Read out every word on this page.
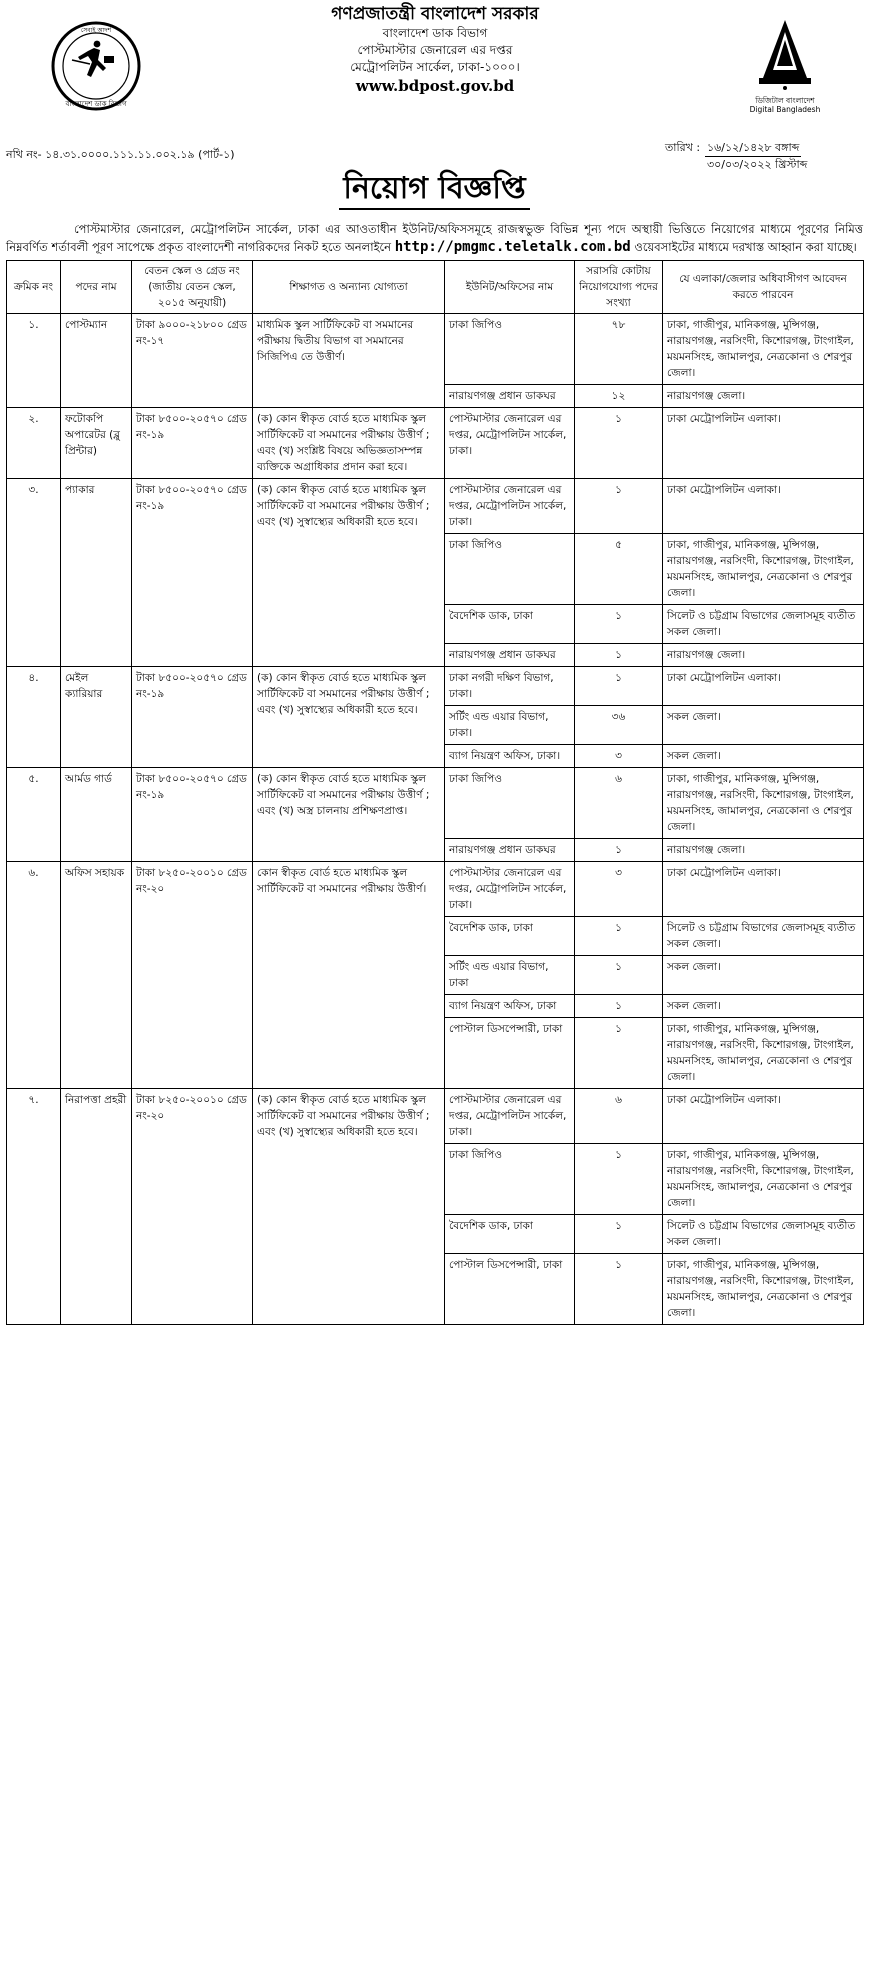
বাংলাদেশ ডাক বিভাগ
সেবাই আদর্শ
গণপ্রজাতন্ত্রী বাংলাদেশ সরকার
বাংলাদেশ ডাক বিভাগ
পোস্টমাস্টার জেনারেল এর দপ্তর
মেট্রোপলিটন সার্কেল, ঢাকা-১০০০।
www.bdpost.gov.bd
ডিজিটাল বাংলাদেশ
Digital Bangladesh
নথি নং- ১৪.৩১.০০০০.১১১.১১.০০২.১৯ (পার্ট-১)
তারিখ : ১৬/১২/১৪২৮ বঙ্গাব্দ
৩০/০৩/২০২২ খ্রিস্টাব্দ
নিয়োগ বিজ্ঞপ্তি
পোস্টমাস্টার জেনারেল, মেট্রোপলিটন সার্কেল, ঢাকা এর আওতাধীন ইউনিট/অফিসসমূহে রাজস্বভুক্ত বিভিন্ন শূন্য পদে অস্থায়ী ভিত্তিতে নিয়োগের মাধ্যমে পূরণের নিমিত্ত নিম্নবর্ণিত শর্তাবলী পূরণ সাপেক্ষে প্রকৃত বাংলাদেশী নাগরিকদের নিকট হতে অনলাইনে http://pmgmc.teletalk.com.bd ওয়েবসাইটের মাধ্যমে দরখাস্ত আহ্বান করা যাচ্ছে।
ক্রমিক নং	পদের নাম	বেতন স্কেল ও গ্রেড নং (জাতীয় বেতন স্কেল, ২০১৫ অনুযায়ী)	শিক্ষাগত ও অন্যান্য যোগ্যতা	ইউনিট/অফিসের নাম	সরাসরি কোটায় নিয়োগযোগ্য পদের সংখ্যা	যে এলাকা/জেলার অধিবাসীগণ আবেদন করতে পারবেন
১.	পোস্টম্যান	টাকা ৯০০০-২১৮০০ গ্রেড নং-১৭	মাধ্যমিক স্কুল সার্টিফিকেট বা সমমানের পরীক্ষায় দ্বিতীয় বিভাগ বা সমমানের সিজিপিএ তে উত্তীর্ণ।	ঢাকা জিপিও	৭৮	ঢাকা, গাজীপুর, মানিকগঞ্জ, মুন্সিগঞ্জ, নারায়ণগঞ্জ, নরসিংদী, কিশোরগঞ্জ, টাংগাইল, ময়মনসিংহ, জামালপুর, নেত্রকোনা ও শেরপুর জেলা।
				নারায়ণগঞ্জ প্রধান ডাকঘর	১২	নারায়ণগঞ্জ জেলা।
২.	ফটোকপি অপারেটর (ব্লু প্রিন্টার)	টাকা ৮৫০০-২০৫৭০ গ্রেড নং-১৯	(ক) কোন স্বীকৃত বোর্ড হতে মাধ্যমিক স্কুল সার্টিফিকেট বা সমমানের পরীক্ষায় উত্তীর্ণ ; এবং (খ) সংশ্লিষ্ট বিষয়ে অভিজ্ঞতাসম্পন্ন ব্যক্তিকে অগ্রাধিকার প্রদান করা হবে।	পোস্টমাস্টার জেনারেল এর দপ্তর, মেট্রোপলিটন সার্কেল, ঢাকা।	১	ঢাকা মেট্রোপলিটন এলাকা।
৩.	প্যাকার	টাকা ৮৫০০-২০৫৭০ গ্রেড নং-১৯	(ক) কোন স্বীকৃত বোর্ড হতে মাধ্যমিক স্কুল সার্টিফিকেট বা সমমানের পরীক্ষায় উত্তীর্ণ ; এবং (খ) সুস্বাস্থ্যের অধিকারী হতে হবে।	পোস্টমাস্টার জেনারেল এর দপ্তর, মেট্রোপলিটন সার্কেল, ঢাকা।	১	ঢাকা মেট্রোপলিটন এলাকা।
				ঢাকা জিপিও	৫	ঢাকা, গাজীপুর, মানিকগঞ্জ, মুন্সিগঞ্জ, নারায়ণগঞ্জ, নরসিংদী, কিশোরগঞ্জ, টাংগাইল, ময়মনসিংহ, জামালপুর, নেত্রকোনা ও শেরপুর জেলা।
				বৈদেশিক ডাক, ঢাকা	১	সিলেট ও চট্টগ্রাম বিভাগের জেলাসমূহ ব্যতীত সকল জেলা।
				নারায়ণগঞ্জ প্রধান ডাকঘর	১	নারায়ণগঞ্জ জেলা।
৪.	মেইল ক্যারিয়ার	টাকা ৮৫০০-২০৫৭০ গ্রেড নং-১৯	(ক) কোন স্বীকৃত বোর্ড হতে মাধ্যমিক স্কুল সার্টিফিকেট বা সমমানের পরীক্ষায় উত্তীর্ণ ; এবং (খ) সুস্বাস্থ্যের অধিকারী হতে হবে।	ঢাকা নগরী দক্ষিণ বিভাগ, ঢাকা।	১	ঢাকা মেট্রোপলিটন এলাকা।
				সর্টিং এন্ড এয়ার বিভাগ, ঢাকা।	৩৬	সকল জেলা।
				ব্যাগ নিয়ন্ত্রণ অফিস, ঢাকা।	৩	সকল জেলা।
৫.	আর্মড গার্ড	টাকা ৮৫০০-২০৫৭০ গ্রেড নং-১৯	(ক) কোন স্বীকৃত বোর্ড হতে মাধ্যমিক স্কুল সার্টিফিকেট বা সমমানের পরীক্ষায় উত্তীর্ণ ; এবং (খ) অস্ত্র চালনায় প্রশিক্ষণপ্রাপ্ত।	ঢাকা জিপিও	৬	ঢাকা, গাজীপুর, মানিকগঞ্জ, মুন্সিগঞ্জ, নারায়ণগঞ্জ, নরসিংদী, কিশোরগঞ্জ, টাংগাইল, ময়মনসিংহ, জামালপুর, নেত্রকোনা ও শেরপুর জেলা।
				নারায়ণগঞ্জ প্রধান ডাকঘর	১	নারায়ণগঞ্জ জেলা।
৬.	অফিস সহায়ক	টাকা ৮২৫০-২০০১০ গ্রেড নং-২০	কোন স্বীকৃত বোর্ড হতে মাধ্যমিক স্কুল সার্টিফিকেট বা সমমানের পরীক্ষায় উত্তীর্ণ।	পোস্টমাস্টার জেনারেল এর দপ্তর, মেট্রোপলিটন সার্কেল, ঢাকা।	৩	ঢাকা মেট্রোপলিটন এলাকা।
				বৈদেশিক ডাক, ঢাকা	১	সিলেট ও চট্টগ্রাম বিভাগের জেলাসমূহ ব্যতীত সকল জেলা।
				সর্টিং এন্ড এয়ার বিভাগ, ঢাকা	১	সকল জেলা।
				ব্যাগ নিয়ন্ত্রণ অফিস, ঢাকা	১	সকল জেলা।
				পোস্টাল ডিসপেন্সারী, ঢাকা	১	ঢাকা, গাজীপুর, মানিকগঞ্জ, মুন্সিগঞ্জ, নারায়ণগঞ্জ, নরসিংদী, কিশোরগঞ্জ, টাংগাইল, ময়মনসিংহ, জামালপুর, নেত্রকোনা ও শেরপুর জেলা।
৭.	নিরাপত্তা প্রহরী	টাকা ৮২৫০-২০০১০ গ্রেড নং-২০	(ক) কোন স্বীকৃত বোর্ড হতে মাধ্যমিক স্কুল সার্টিফিকেট বা সমমানের পরীক্ষায় উত্তীর্ণ ; এবং (খ) সুস্বাস্থ্যের অধিকারী হতে হবে।	পোস্টমাস্টার জেনারেল এর দপ্তর, মেট্রোপলিটন সার্কেল, ঢাকা।	৬	ঢাকা মেট্রোপলিটন এলাকা।
				ঢাকা জিপিও	১	ঢাকা, গাজীপুর, মানিকগঞ্জ, মুন্সিগঞ্জ, নারায়ণগঞ্জ, নরসিংদী, কিশোরগঞ্জ, টাংগাইল, ময়মনসিংহ, জামালপুর, নেত্রকোনা ও শেরপুর জেলা।
				বৈদেশিক ডাক, ঢাকা	১	সিলেট ও চট্টগ্রাম বিভাগের জেলাসমূহ ব্যতীত সকল জেলা।
				পোস্টাল ডিসপেন্সারী, ঢাকা	১	ঢাকা, গাজীপুর, মানিকগঞ্জ, মুন্সিগঞ্জ, নারায়ণগঞ্জ, নরসিংদী, কিশোরগঞ্জ, টাংগাইল, ময়মনসিংহ, জামালপুর, নেত্রকোনা ও শেরপুর জেলা।
